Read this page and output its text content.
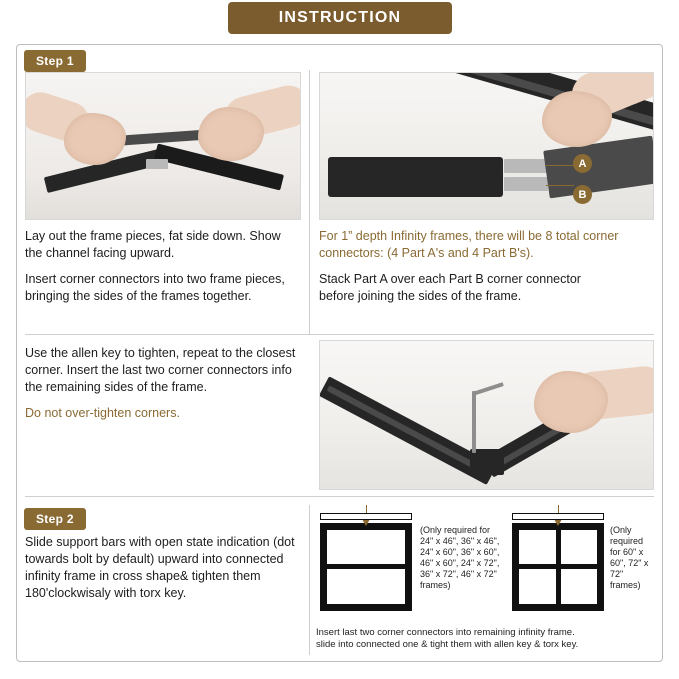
INSTRUCTION
Step 1
A
B

Lay out the frame pieces, fat side down. Show the channel facing upward.

Insert corner connectors into two frame pieces, bringing the sides of the frames together.

For 1” depth Infinity frames, there will be 8 total corner connectors: (4 Part A's and 4 Part B's).

Stack Part A over each Part B corner connector before joining the sides of the frame.

Use the allen key to tighten, repeat to the closest corner. Insert the last two corner connectors info the remaining sides of the frame.

Do not over-tighten corners.

Step 2

Slide support bars with open state indication (dot towards bolt by default) upward into connected infinity frame in cross shape& tighten them 180'clockwisaly with torx key.

(Only required for 24" x 46", 36" x 46", 24" x 60", 36" x 60", 46" x 60", 24" x 72", 36" x 72", 46" x 72" frames)
(Only required for 60" x 60", 72" x 72" frames)
Insert last two corner connectors into remaining infinity frame.
slide into connected one & tight them with allen key & torx key.
